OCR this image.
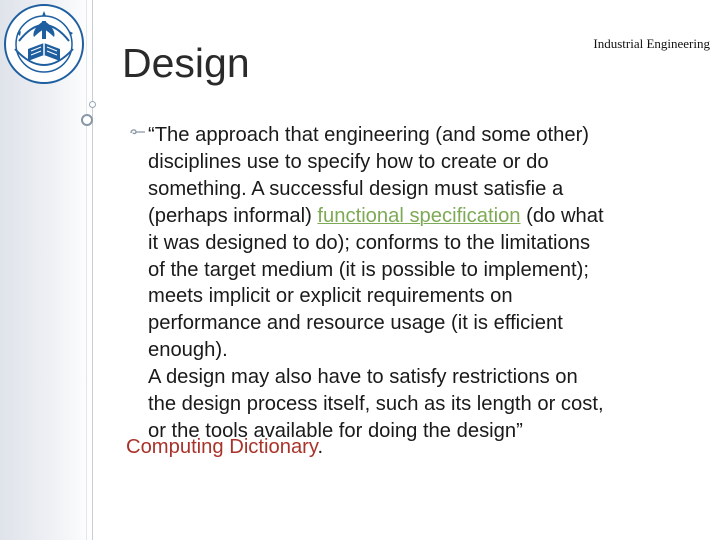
Industrial Engineering
Design
“The approach that engineering (and some other)
disciplines use to specify how to create or do
something. A successful design must satisfie a
(perhaps informal) functional specification (do what
it was designed to do); conforms to the limitations
of the target medium (it is possible to implement);
meets implicit or explicit requirements on
performance and resource usage (it is efficient
enough).
A design may also have to satisfy restrictions on
the design process itself, such as its length or cost,
or the tools available for doing the design”
Computing Dictionary.
